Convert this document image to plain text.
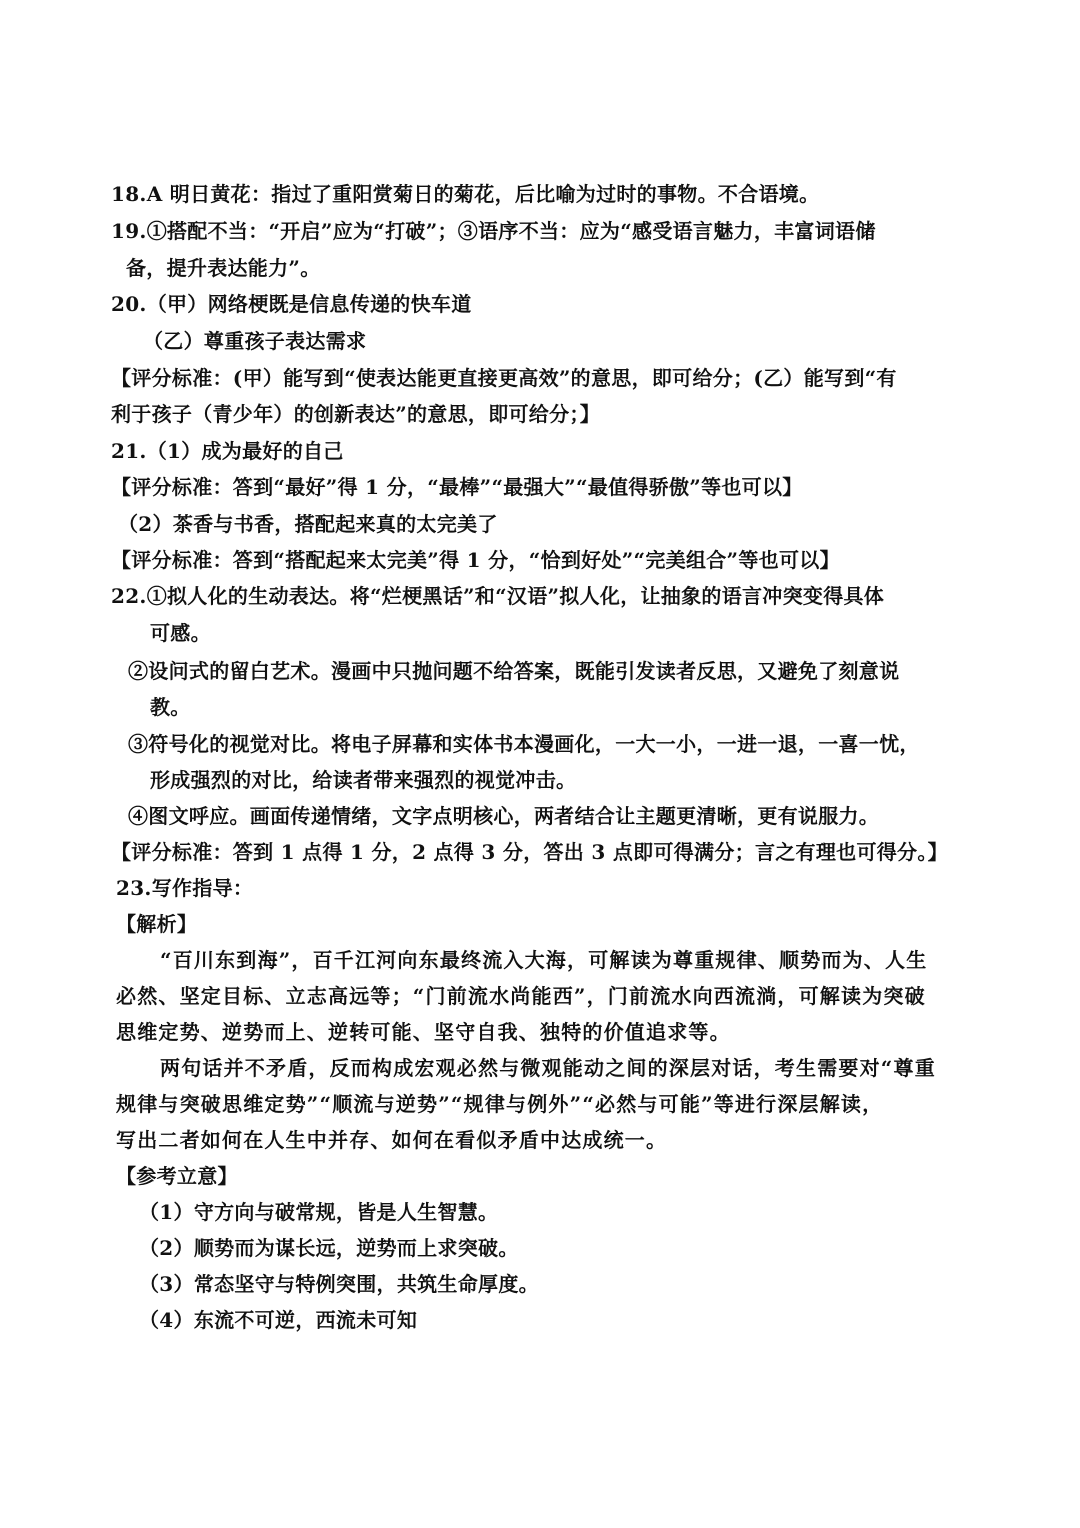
18.A 明日黄花：指过了重阳赏菊日的菊花，后比喻为过时的事物。不合语境。
19.①搭配不当：“开启”应为“打破”；③语序不当：应为“感受语言魅力，丰富词语储
备，提升表达能力”。
20.（甲）网络梗既是信息传递的快车道
（乙）尊重孩子表达需求
【评分标准：(甲）能写到“使表达能更直接更高效”的意思，即可给分；(乙）能写到“有
利于孩子（青少年）的创新表达”的意思，即可给分；】
21.（1）成为最好的自己
【评分标准：答到“最好”得 1 分，“最棒”“最强大”“最值得骄傲”等也可以】
（2）茶香与书香，搭配起来真的太完美了
【评分标准：答到“搭配起来太完美”得 1 分，“恰到好处”“完美组合”等也可以】
22.①拟人化的生动表达。将“烂梗黑话”和“汉语”拟人化，让抽象的语言冲突变得具体
可感。
②设问式的留白艺术。漫画中只抛问题不给答案，既能引发读者反思，又避免了刻意说
教。
③符号化的视觉对比。将电子屏幕和实体书本漫画化，一大一小，一进一退，一喜一忧，
形成强烈的对比，给读者带来强烈的视觉冲击。
④图文呼应。画面传递情绪，文字点明核心，两者结合让主题更清晰，更有说服力。
【评分标准：答到 1 点得 1 分，2 点得 3 分，答出 3 点即可得满分；言之有理也可得分。】
23.写作指导：
【解析】
“百川东到海”，百千江河向东最终流入大海，可解读为尊重规律、顺势而为、人生
必然、坚定目标、立志高远等；“门前流水尚能西”，门前流水向西流淌，可解读为突破
思维定势、逆势而上、逆转可能、坚守自我、独特的价值追求等。
两句话并不矛盾，反而构成宏观必然与微观能动之间的深层对话，考生需要对“尊重
规律与突破思维定势”“顺流与逆势”“规律与例外”“必然与可能”等进行深层解读，
写出二者如何在人生中并存、如何在看似矛盾中达成统一。
【参考立意】
（1）守方向与破常规，皆是人生智慧。
（2）顺势而为谋长远，逆势而上求突破。
（3）常态坚守与特例突围，共筑生命厚度。
（4）东流不可逆，西流未可知
